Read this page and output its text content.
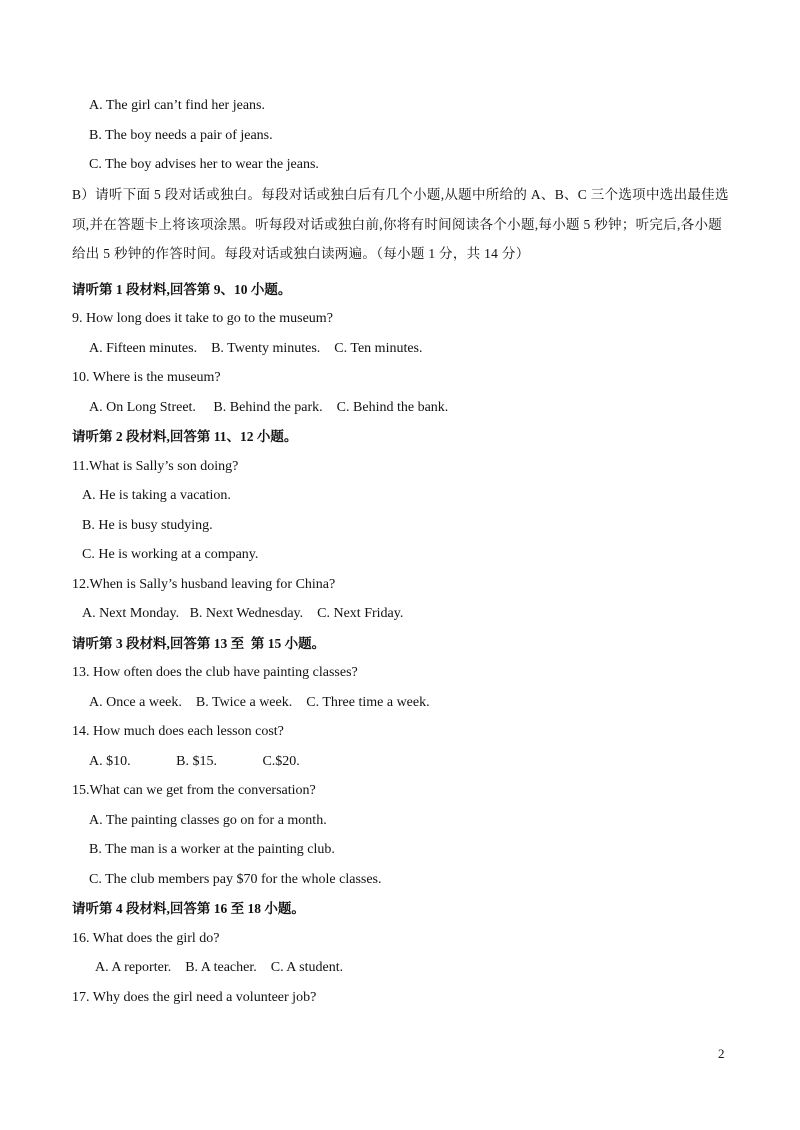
A. The girl can’t find her jeans.
B. The boy needs a pair of jeans.
C. The boy advises her to wear the jeans.
B）请听下面 5 段对话或独白。每段对话或独白后有几个小题,从题中所给的 A、B、C 三个选项中选出最佳选
项,并在答题卡上将该项涂黑。听每段对话或独白前,你将有时间阅读各个小题,每小题 5 秒钟；听完后,各小题
给出 5 秒钟的作答时间。每段对话或独白读两遍。（每小题 1 分，共 14 分）
请听第 1 段材料,回答第 9、10 小题。
9. How long does it take to go to the museum?
A. Fifteen minutes.    B. Twenty minutes.    C. Ten minutes.
10. Where is the museum?
A. On Long Street.     B. Behind the park.    C. Behind the bank.
请听第 2 段材料,回答第 11、12 小题。
11.What is Sally’s son doing?
A. He is taking a vacation.
B. He is busy studying.
C. He is working at a company.
12.When is Sally’s husband leaving for China?
A. Next Monday.   B. Next Wednesday.    C. Next Friday.
请听第 3 段材料,回答第 13 至  第 15 小题。
13. How often does the club have painting classes?
A. Once a week.    B. Twice a week.    C. Three time a week.
14. How much does each lesson cost?
A. $10.             B. $15.             C.$20.
15.What can we get from the conversation?
A. The painting classes go on for a month.
B. The man is a worker at the painting club.
C. The club members pay $70 for the whole classes.
请听第 4 段材料,回答第 16 至 18 小题。
16. What does the girl do?
A. A reporter.    B. A teacher.    C. A student.
17. Why does the girl need a volunteer job?
2
